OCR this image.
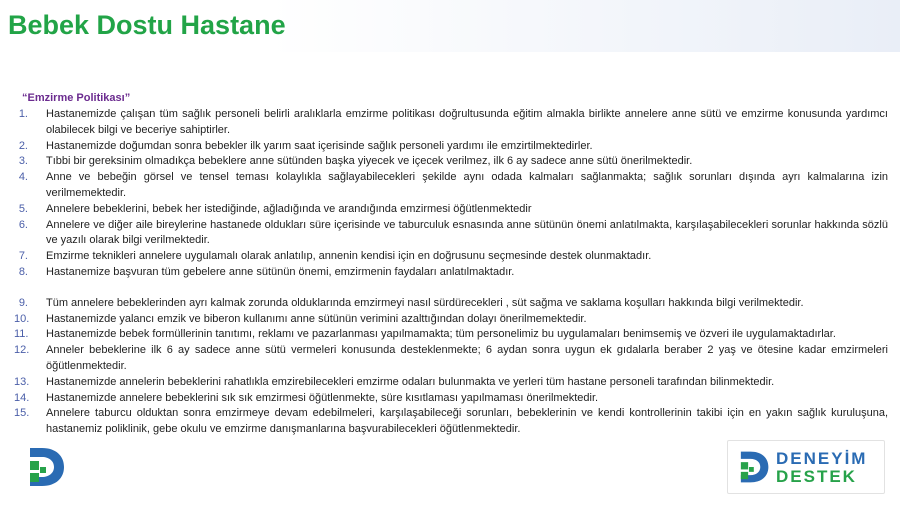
Bebek Dostu Hastane
“Emzirme Politikası”
1.	Hastanemizde çalışan tüm sağlık personeli belirli aralıklarla emzirme politikası doğrultusunda eğitim almakla birlikte annelere anne sütü ve emzirme konusunda yardımcı olabilecek bilgi ve beceriye sahiptirler.
2.	Hastanemizde doğumdan sonra bebekler ilk yarım saat içerisinde sağlık personeli yardımı ile emzirtilmektedirler.
3.	Tıbbi bir gereksinim olmadıkça bebeklere anne sütünden başka yiyecek ve içecek verilmez, ilk 6 ay sadece anne sütü önerilmektedir.
4.	Anne ve bebeğin görsel ve tensel teması kolaylıkla sağlayabilecekleri şekilde aynı odada kalmaları sağlanmakta; sağlık sorunları dışında ayrı kalmalarına izin verilmemektedir.
5.	Annelere bebeklerini, bebek her istediğinde, ağladığında ve arandığında emzirmesi öğütlenmektedir
6.	Annelere ve diğer aile bireylerine hastanede oldukları süre içerisinde ve taburculuk esnasında anne sütünün önemi anlatılmakta, karşılaşabilecekleri sorunlar hakkında sözlü ve yazılı olarak bilgi verilmektedir.
7.	Emzirme teknikleri annelere uygulamalı olarak anlatılıp, annenin kendisi için en doğrusunu seçmesinde destek olunmaktadır.
8.	Hastanemize başvuran tüm gebelere anne sütünün önemi, emzirmenin faydaları anlatılmaktadır.
9.	Tüm annelere bebeklerinden ayrı kalmak zorunda olduklarında emzirmeyi nasıl sürdürecekleri , süt sağma ve saklama koşulları hakkında bilgi verilmektedir.
10.	Hastanemizde yalancı emzik ve biberon kullanımı anne sütünün verimini azalttığından dolayı önerilmemektedir.
11.	Hastanemizde bebek formüllerinin tanıtımı, reklamı ve pazarlanması yapılmamakta; tüm personelimiz bu uygulamaları benimsemiş ve özveri ile uygulamaktadırlar.
12.	Anneler bebeklerine ilk 6 ay sadece anne sütü vermeleri konusunda desteklenmekte; 6 aydan sonra uygun ek gıdalarla beraber 2 yaş ve ötesine kadar emzirmeleri öğütlenmektedir.
13.	Hastanemizde annelerin bebeklerini rahatlıkla emzirebilecekleri emzirme odaları bulunmakta ve yerleri tüm hastane personeli tarafından bilinmektedir.
14.	Hastanemizde annelere bebeklerini sık sık emzirmesi öğütlenmekte, süre kısıtlaması yapılmaması önerilmektedir.
15.	Annelere taburcu olduktan sonra emzirmeye devam edebilmeleri, karşılaşabileceği sorunları, bebeklerinin ve kendi kontrollerinin takibi için en yakın sağlık kuruluşuna, hastanemiz poliklinik, gebe okulu ve emzirme danışmanlarına başvurabilecekleri öğütlenmektedir.
DENEYİM
DESTEK
